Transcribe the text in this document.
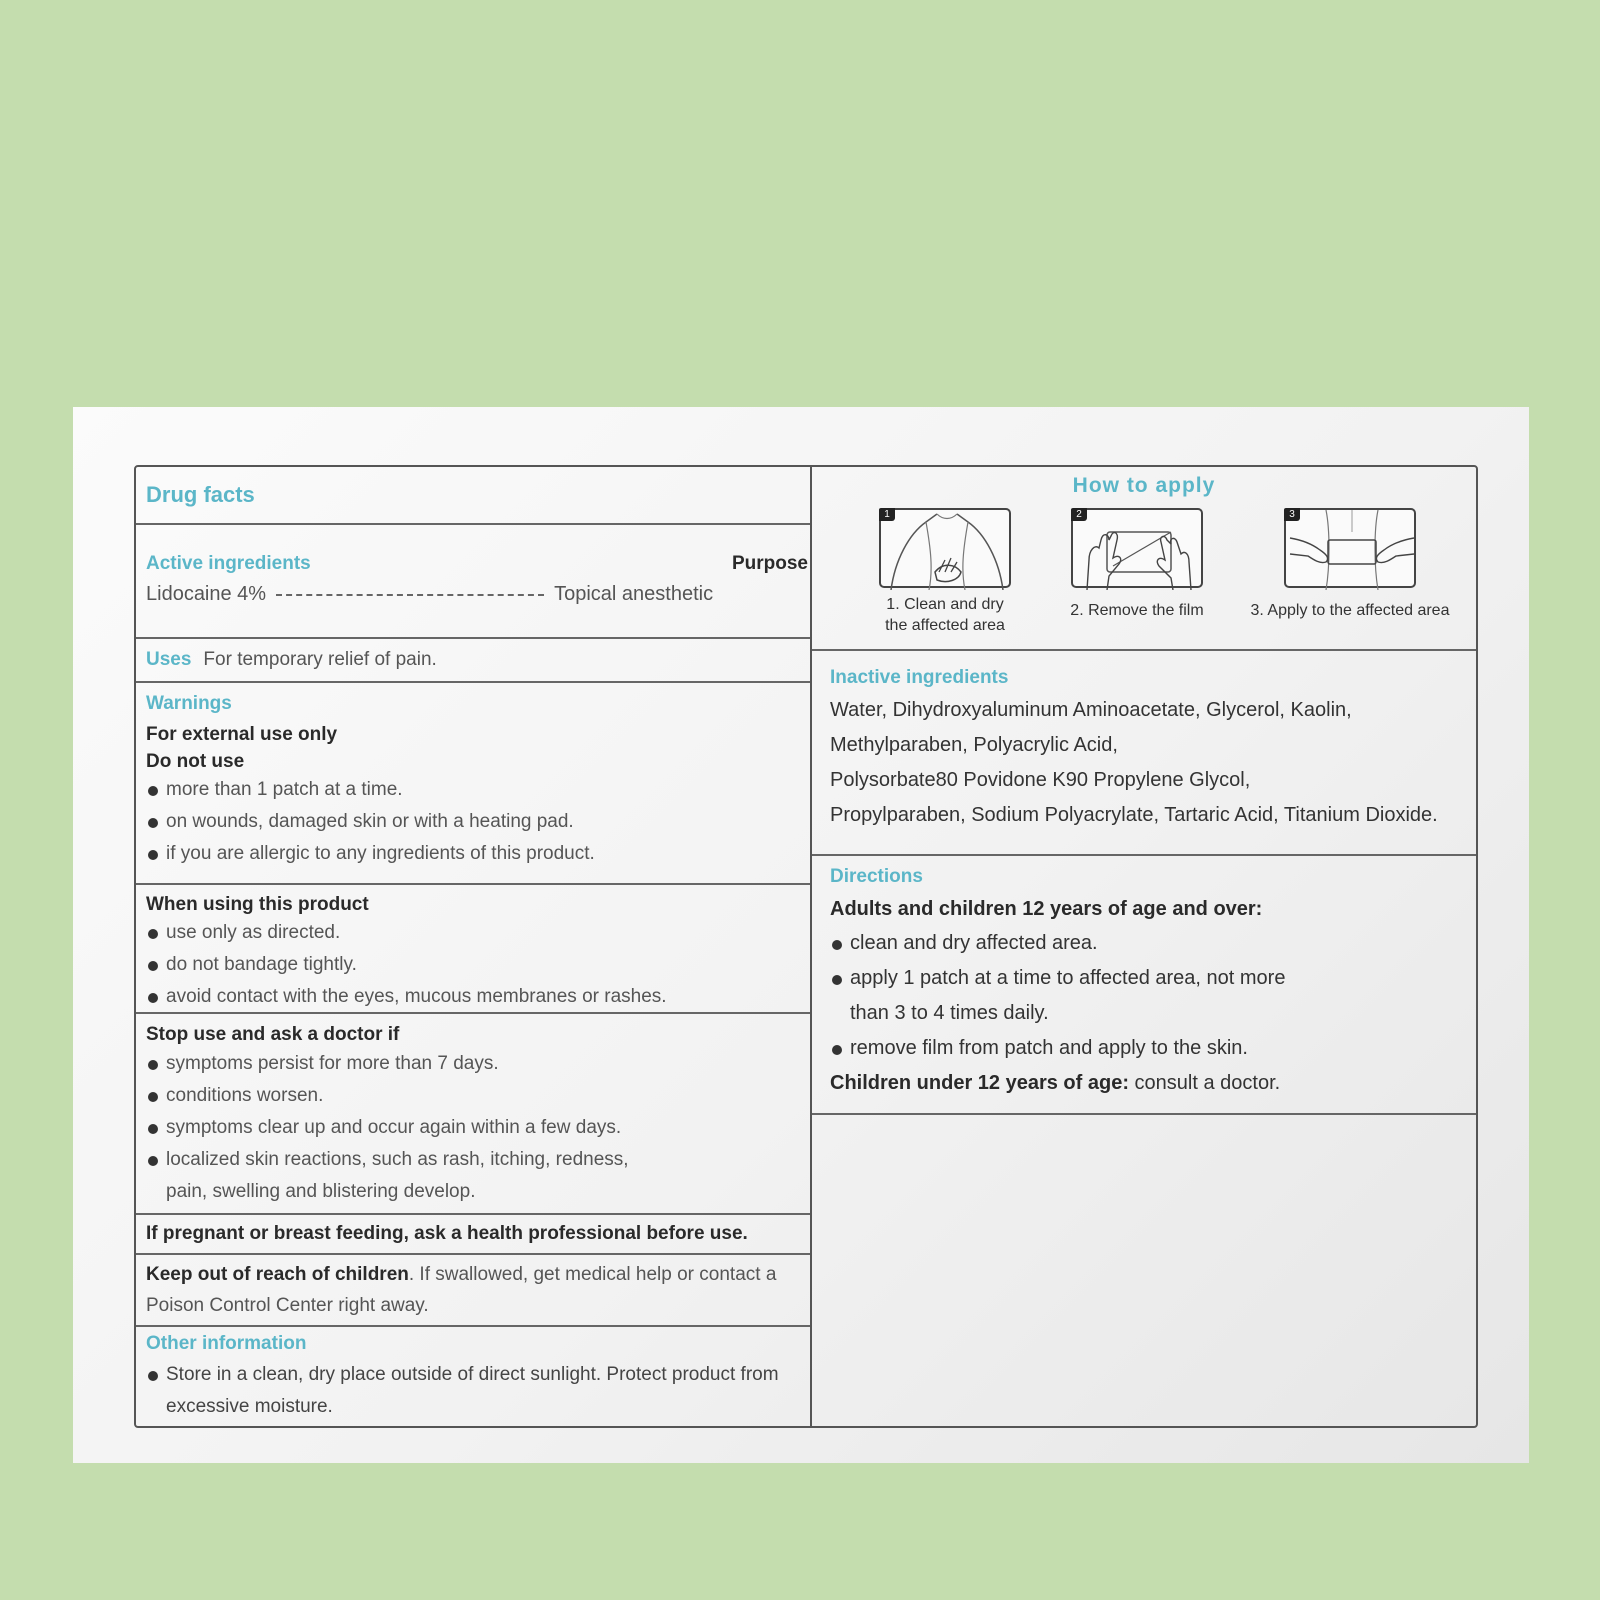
Drug facts
Active ingredients	Purpose
Lidocaine 4%	Topical anesthetic
Uses For temporary relief of pain.
Warnings
For external use only
Do not use
more than 1 patch at a time.
on wounds, damaged skin or with a heating pad.
if you are allergic to any ingredients of this product.
When using this product
use only as directed.
do not bandage tightly.
avoid contact with the eyes, mucous membranes or rashes.
Stop use and ask a doctor if
symptoms persist for more than 7 days.
conditions worsen.
symptoms clear up and occur again within a few days.
localized skin reactions, such as rash, itching, redness, pain, swelling and blistering develop.
If pregnant or breast feeding, ask a health professional before use.
Keep out of reach of children. If swallowed, get medical help or contact a Poison Control Center right away.
Other information
Store in a clean, dry place outside of direct sunlight. Protect product from excessive moisture.
How to apply
1
1. Clean and dry
the affected area
2
2. Remove the film
3
3. Apply to the affected area
Inactive ingredients
Water, Dihydroxyaluminum Aminoacetate, Glycerol, Kaolin,
Methylparaben, Polyacrylic Acid,
Polysorbate80 Povidone K90 Propylene Glycol,
Propylparaben, Sodium Polyacrylate, Tartaric Acid, Titanium Dioxide.
Directions
Adults and children 12 years of age and over:
clean and dry affected area.
apply 1 patch at a time to affected area, not more than 3 to 4 times daily.
remove film from patch and apply to the skin.
Children under 12 years of age: consult a doctor.
